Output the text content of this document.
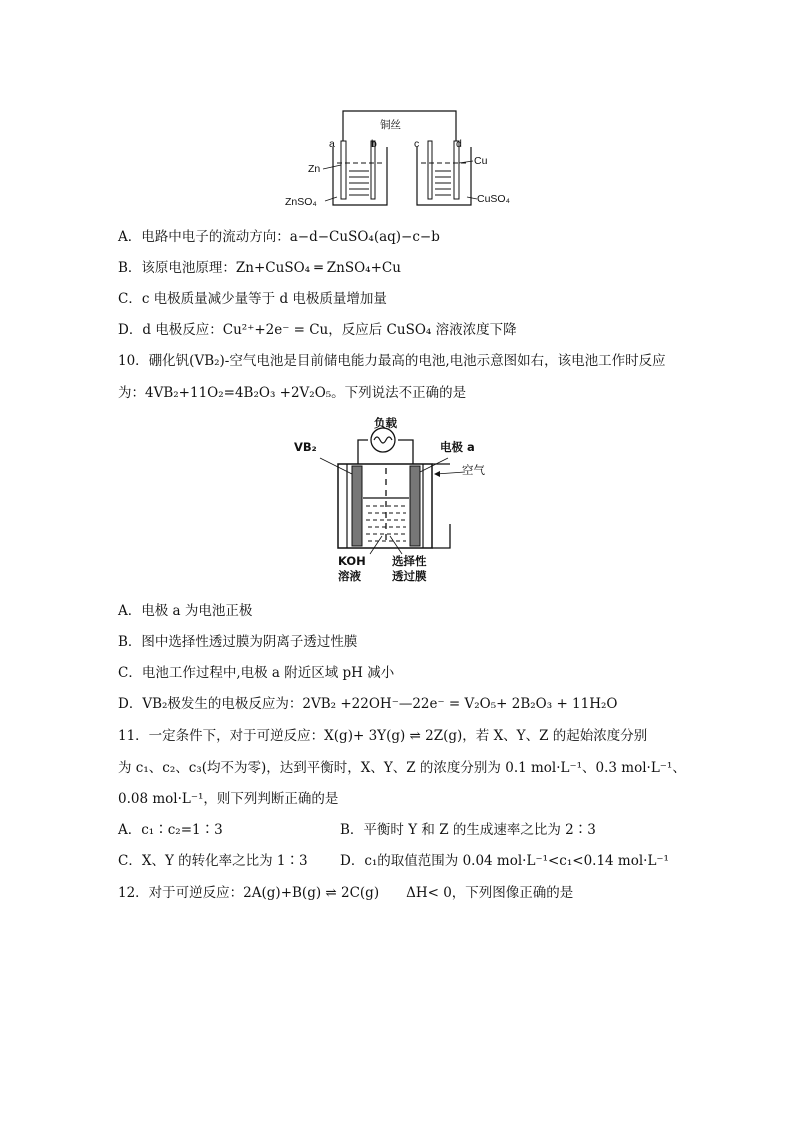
铜丝
a	b	c	d
Zn
Cu
ZnSO₄	CuSO₄
A．电路中电子的流动方向：a−d−CuSO₄(aq)−c−b
B．该原电池原理：Zn+CuSO₄ ═ ZnSO₄+Cu
C．c 电极质量减少量等于 d 电极质量增加量
D．d 电极反应：Cu²⁺+2e⁻ = Cu，反应后 CuSO₄ 溶液浓度下降
10．硼化钒(VB₂)-空气电池是目前储电能力最高的电池,电池示意图如右，该电池工作时反应
为：4VB₂+11O₂=4B₂O₃ +2V₂O₅。下列说法不正确的是
负载
VB₂	电极 a
空气
KOH
溶液
选择性
透过膜
A．电极 a 为电池正极
B．图中选择性透过膜为阴离子透过性膜
C．电池工作过程中,电极 a 附近区域 pH 减小
D．VB₂极发生的电极反应为：2VB₂ +22OH⁻—22e⁻ = V₂O₅+ 2B₂O₃ + 11H₂O
11．一定条件下，对于可逆反应：X(g)+ 3Y(g) ⇌ 2Z(g)，若 X、Y、Z 的起始浓度分别
为 c₁、c₂、c₃(均不为零)，达到平衡时，X、Y、Z 的浓度分别为 0.1 mol·L⁻¹、0.3 mol·L⁻¹、
0.08 mol·L⁻¹，则下列判断正确的是
A．c₁∶c₂=1∶3	B．平衡时 Y 和 Z 的生成速率之比为 2∶3
C．X、Y 的转化率之比为 1∶3 D．c₁的取值范围为 0.04 mol·L⁻¹<c₁<0.14 mol·L⁻¹
12．对于可逆反应：2A(g)+B(g) ⇌ 2C(g)　　ΔH< 0，下列图像正确的是
